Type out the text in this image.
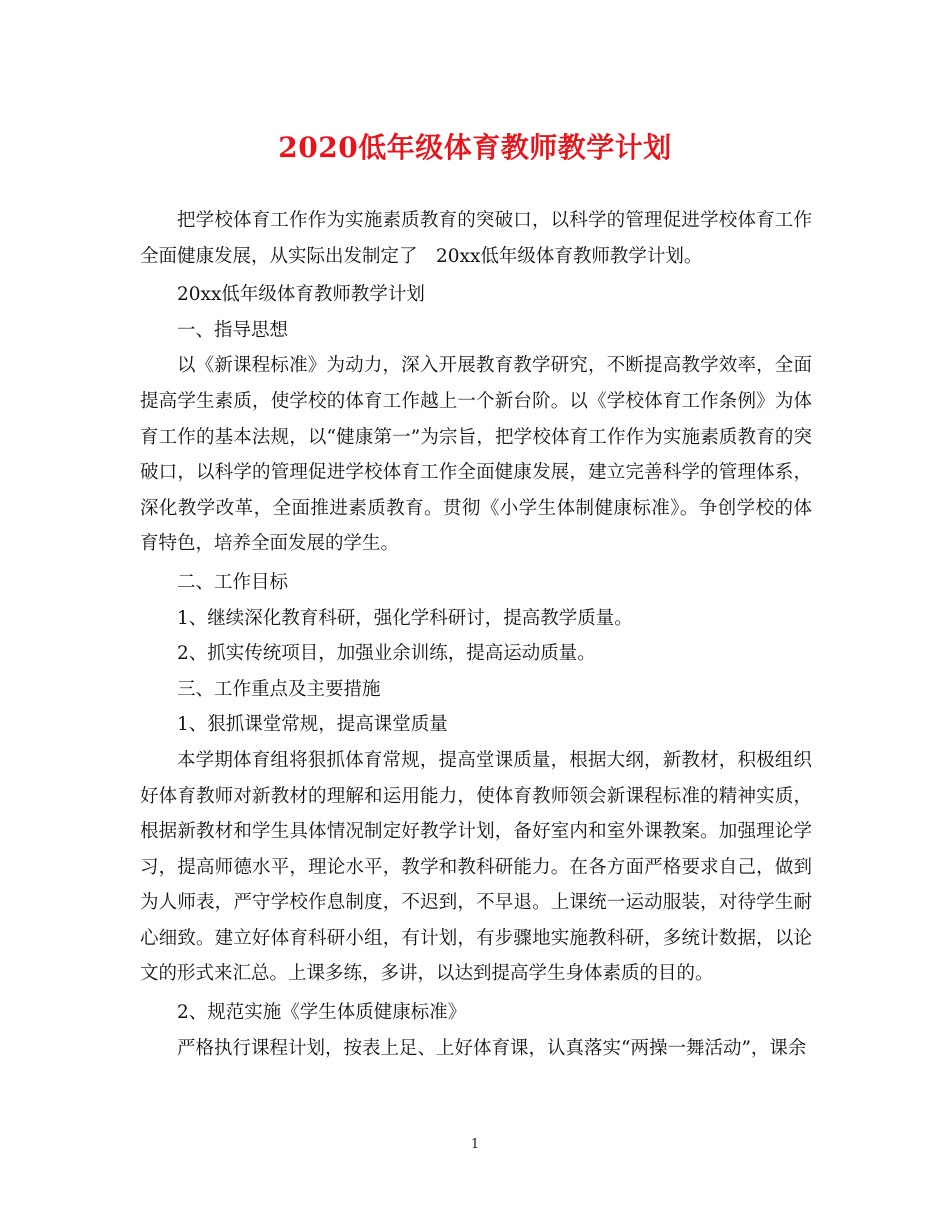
2020低年级体育教师教学计划

把学校体育工作作为实施素质教育的突破口，以科学的管理促进学校体育工作全面健康发展，从实际出发制定了　20xx低年级体育教师教学计划。

20xx低年级体育教师教学计划

一、指导思想

以《新课程标准》为动力，深入开展教育教学研究，不断提高教学效率，全面提高学生素质，使学校的体育工作越上一个新台阶。以《学校体育工作条例》为体育工作的基本法规，以“健康第一”为宗旨，把学校体育工作作为实施素质教育的突破口，以科学的管理促进学校体育工作全面健康发展，建立完善科学的管理体系，深化教学改革，全面推进素质教育。贯彻《小学生体制健康标准》。争创学校的体育特色，培养全面发展的学生。

二、工作目标

1、继续深化教育科研，强化学科研讨，提高教学质量。

2、抓实传统项目，加强业余训练，提高运动质量。

三、工作重点及主要措施

1、狠抓课堂常规，提高课堂质量

本学期体育组将狠抓体育常规，提高堂课质量，根据大纲，新教材，积极组织好体育教师对新教材的理解和运用能力，使体育教师领会新课程标准的精神实质，根据新教材和学生具体情况制定好教学计划，备好室内和室外课教案。加强理论学习，提高师德水平，理论水平，教学和教科研能力。在各方面严格要求自己，做到为人师表，严守学校作息制度，不迟到，不早退。上课统一运动服装，对待学生耐心细致。建立好体育科研小组，有计划，有步骤地实施教科研，多统计数据，以论文的形式来汇总。上课多练，多讲，以达到提高学生身体素质的目的。

2、规范实施《学生体质健康标准》

严格执行课程计划，按表上足、上好体育课，认真落实“两操一舞活动”，课余

1
